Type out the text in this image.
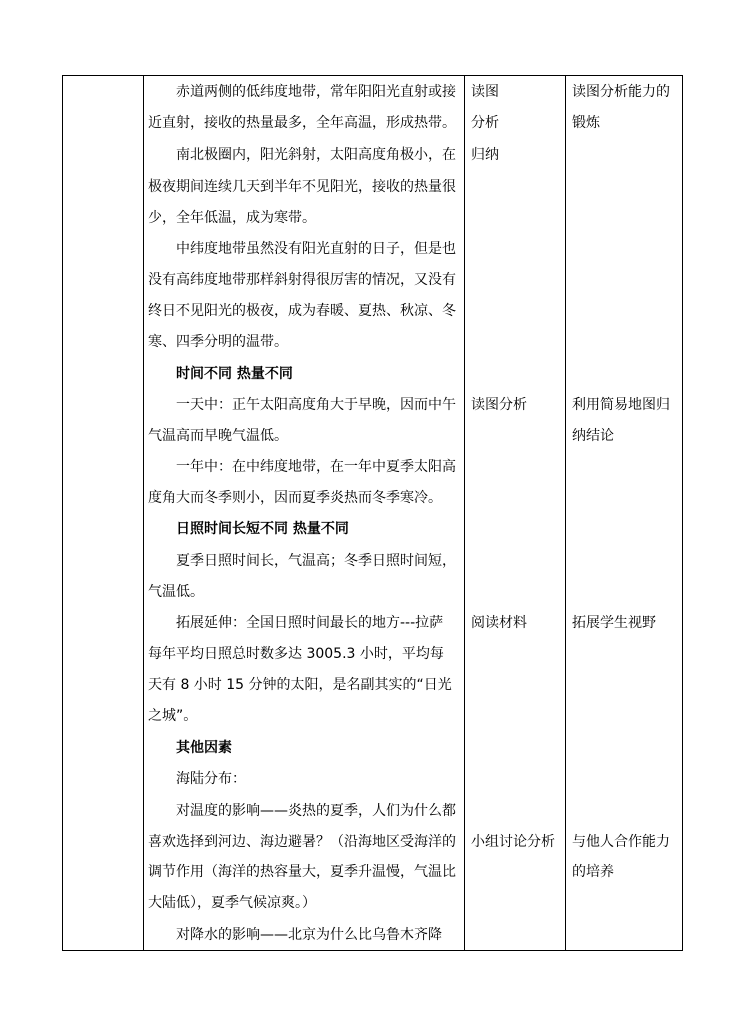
赤道两侧的低纬度地带，常年阳阳光直射或接
近直射，接收的热量最多，全年高温，形成热带。
南北极圈内，阳光斜射，太阳高度角极小，在
极夜期间连续几天到半年不见阳光，接收的热量很
少，全年低温，成为寒带。
中纬度地带虽然没有阳光直射的日子，但是也
没有高纬度地带那样斜射得很厉害的情况，又没有
终日不见阳光的极夜，成为春暖、夏热、秋凉、冬
寒、四季分明的温带。
时间不同 热量不同
一天中：正午太阳高度角大于早晚，因而中午
气温高而早晚气温低。
一年中：在中纬度地带，在一年中夏季太阳高
度角大而冬季则小，因而夏季炎热而冬季寒冷。
日照时间长短不同 热量不同
夏季日照时间长，气温高；冬季日照时间短，
气温低。
拓展延伸：全国日照时间最长的地方---拉萨
每年平均日照总时数多达 3005.3 小时，平均每
天有 8 小时 15 分钟的太阳，是名副其实的“日光
之城”。
其他因素
海陆分布：
对温度的影响——炎热的夏季，人们为什么都
喜欢选择到河边、海边避暑？（沿海地区受海洋的
调节作用（海洋的热容量大，夏季升温慢，气温比
大陆低），夏季气候凉爽。）
对降水的影响——北京为什么比乌鲁木齐降
读图
分析
归纳
读图分析
阅读材料
小组讨论分析
读图分析能力的
锻炼
利用简易地图归
纳结论
拓展学生视野
与他人合作能力
的培养
